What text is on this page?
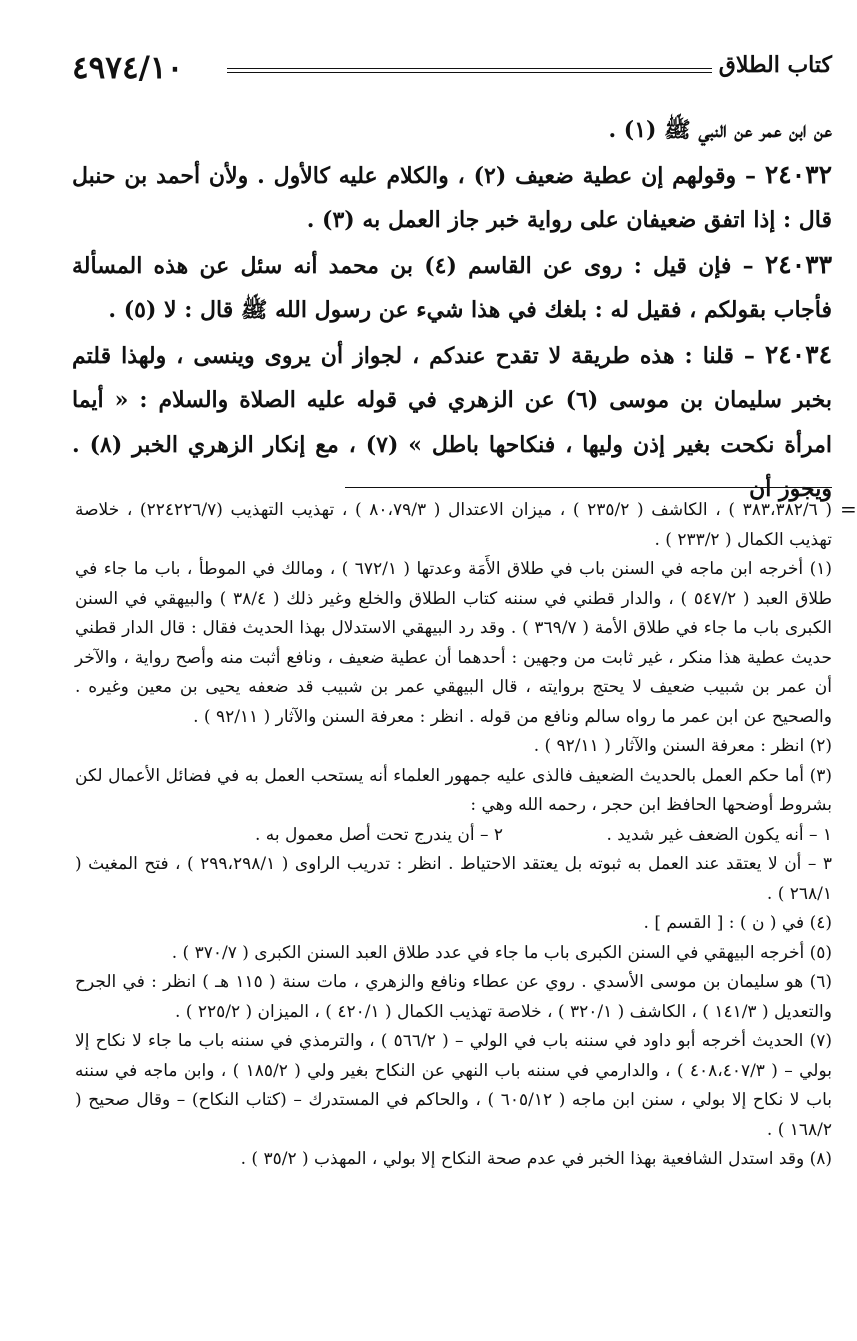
٤٩٧٤/١٠	كتاب الطلاق

عن ابن عمر عن النبي ﷺ (١) .

٢٤٠٣٢ – وقولهم إن عطية ضعيف (٢) ، والكلام عليه كالأول . ولأن أحمد بن حنبل قال : إذا اتفق ضعيفان على رواية خبر جاز العمل به (٣) .

٢٤٠٣٣ – فإن قيل : روى عن القاسم (٤) بن محمد أنه سئل عن هذه المسألة فأجاب بقولكم ، فقيل له : بلغك في هذا شيء عن رسول الله ﷺ قال : لا (٥) .

٢٤٠٣٤ – قلنا : هذه طريقة لا تقدح عندكم ، لجواز أن يروى وينسى ، ولهذا قلتم بخبر سليمان بن موسى (٦) عن الزهري في قوله عليه الصلاة والسلام : « أيما امرأة نكحت بغير إذن وليها ، فنكاحها باطل » (٧) ، مع إنكار الزهري الخبر (٨) . ويجوز أن

=

( ٣٨٣،٣٨٢/٦ ) ، الكاشف ( ٢٣٥/٢ ) ، ميزان الاعتدال ( ٨٠،٧٩/٣ ) ، تهذيب التهذيب (٢٢٤٢٢٦/٧) ، خلاصة تهذيب الكمال ( ٢٣٣/٢ ) .

(١) أخرجه ابن ماجه في السنن باب في طلاق الأَمَة وعدتها ( ٦٧٢/١ ) ، ومالك في الموطأ ، باب ما جاء في طلاق العبد ( ٥٤٧/٢ ) ، والدار قطني في سننه كتاب الطلاق والخلع وغير ذلك ( ٣٨/٤ ) والبيهقي في السنن الكبرى باب ما جاء في طلاق الأمة ( ٣٦٩/٧ ) . وقد رد البيهقي الاستدلال بهذا الحديث فقال : قال الدار قطني حديث عطية هذا منكر ، غير ثابت من وجهين : أحدهما أن عطية ضعيف ، ونافع أثبت منه وأصح رواية ، والآخر أن عمر بن شبيب ضعيف لا يحتج بروايته ، قال البيهقي عمر بن شبيب قد ضعفه يحيى بن معين وغيره . والصحيح عن ابن عمر ما رواه سالم ونافع من قوله . انظر : معرفة السنن والآثار ( ٩٢/١١ ) .

(٢) انظر : معرفة السنن والآثار ( ٩٢/١١ ) .

(٣) أما حكم العمل بالحديث الضعيف فالذى عليه جمهور العلماء أنه يستحب العمل به في فضائل الأعمال لكن بشروط أوضحها الحافظ ابن حجر ، رحمه الله وهي :

١ – أنه يكون الضعف غير شديد .
٢ – أن يندرج تحت أصل معمول به .

٣ – أن لا يعتقد عند العمل به ثبوته بل يعتقد الاحتياط . انظر : تدريب الراوى ( ٢٩٩،٢٩٨/١ ) ، فتح المغيث ( ٢٦٨/١ ) .

(٤) في ( ن ) : [ القسم ] .

(٥) أخرجه البيهقي في السنن الكبرى باب ما جاء في عدد طلاق العبد السنن الكبرى ( ٣٧٠/٧ ) .

(٦) هو سليمان بن موسى الأسدي . روي عن عطاء ونافع والزهري ، مات سنة ( ١١٥ هـ ) انظر : في الجرح والتعديل ( ١٤١/٣ ) ، الكاشف ( ٣٢٠/١ ) ، خلاصة تهذيب الكمال ( ٤٢٠/١ ) ، الميزان ( ٢٢٥/٢ ) .

(٧) الحديث أخرجه أبو داود في سننه باب في الولي – ( ٥٦٦/٢ ) ، والترمذي في سننه باب ما جاء لا نكاح إلا بولي – ( ٤٠٨،٤٠٧/٣ ) ، والدارمي في سننه باب النهي عن النكاح بغير ولي ( ١٨٥/٢ ) ، وابن ماجه في سننه باب لا نكاح إلا بولي ، سنن ابن ماجه ( ٦٠٥/١٢ ) ، والحاكم في المستدرك – (كتاب النكاح) – وقال صحيح ( ١٦٨/٢ ) .

(٨) وقد استدل الشافعية بهذا الخبر في عدم صحة النكاح إلا بولي ، المهذب ( ٣٥/٢ ) .
